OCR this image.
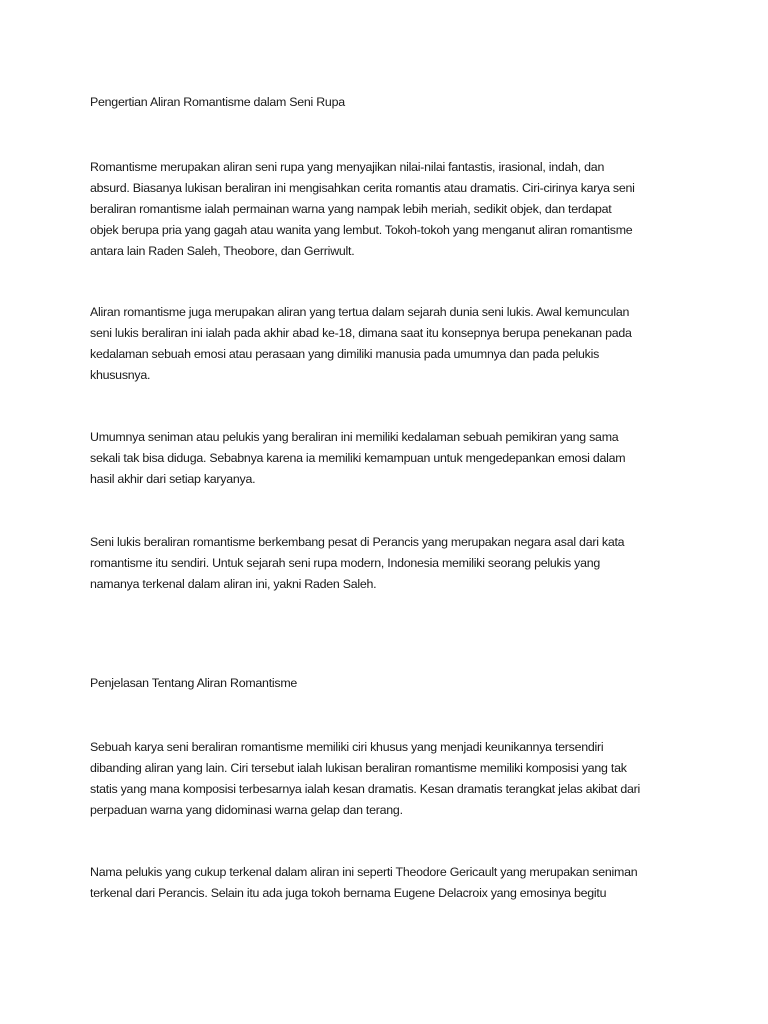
Pengertian Aliran Romantisme dalam Seni Rupa

Romantisme merupakan aliran seni rupa yang menyajikan nilai-nilai fantastis, irasional, indah, dan
absurd. Biasanya lukisan beraliran ini mengisahkan cerita romantis atau dramatis. Ciri-cirinya karya seni
beraliran romantisme ialah permainan warna yang nampak lebih meriah, sedikit objek, dan terdapat
objek berupa pria yang gagah atau wanita yang lembut. Tokoh-tokoh yang menganut aliran romantisme
antara lain Raden Saleh, Theobore, dan Gerriwult.

Aliran romantisme juga merupakan aliran yang tertua dalam sejarah dunia seni lukis. Awal kemunculan
seni lukis beraliran ini ialah pada akhir abad ke-18, dimana saat itu konsepnya berupa penekanan pada
kedalaman sebuah emosi atau perasaan yang dimiliki manusia pada umumnya dan pada pelukis
khususnya.

Umumnya seniman atau pelukis yang beraliran ini memiliki kedalaman sebuah pemikiran yang sama
sekali tak bisa diduga. Sebabnya karena ia memiliki kemampuan untuk mengedepankan emosi dalam
hasil akhir dari setiap karyanya.

Seni lukis beraliran romantisme berkembang pesat di Perancis yang merupakan negara asal dari kata
romantisme itu sendiri. Untuk sejarah seni rupa modern, Indonesia memiliki seorang pelukis yang
namanya terkenal dalam aliran ini, yakni Raden Saleh.

Penjelasan Tentang Aliran Romantisme

Sebuah karya seni beraliran romantisme memiliki ciri khusus yang menjadi keunikannya tersendiri
dibanding aliran yang lain. Ciri tersebut ialah lukisan beraliran romantisme memiliki komposisi yang tak
statis yang mana komposisi terbesarnya ialah kesan dramatis. Kesan dramatis terangkat jelas akibat dari
perpaduan warna yang didominasi warna gelap dan terang.

Nama pelukis yang cukup terkenal dalam aliran ini seperti Theodore Gericault yang merupakan seniman
terkenal dari Perancis. Selain itu ada juga tokoh bernama Eugene Delacroix yang emosinya begitu
